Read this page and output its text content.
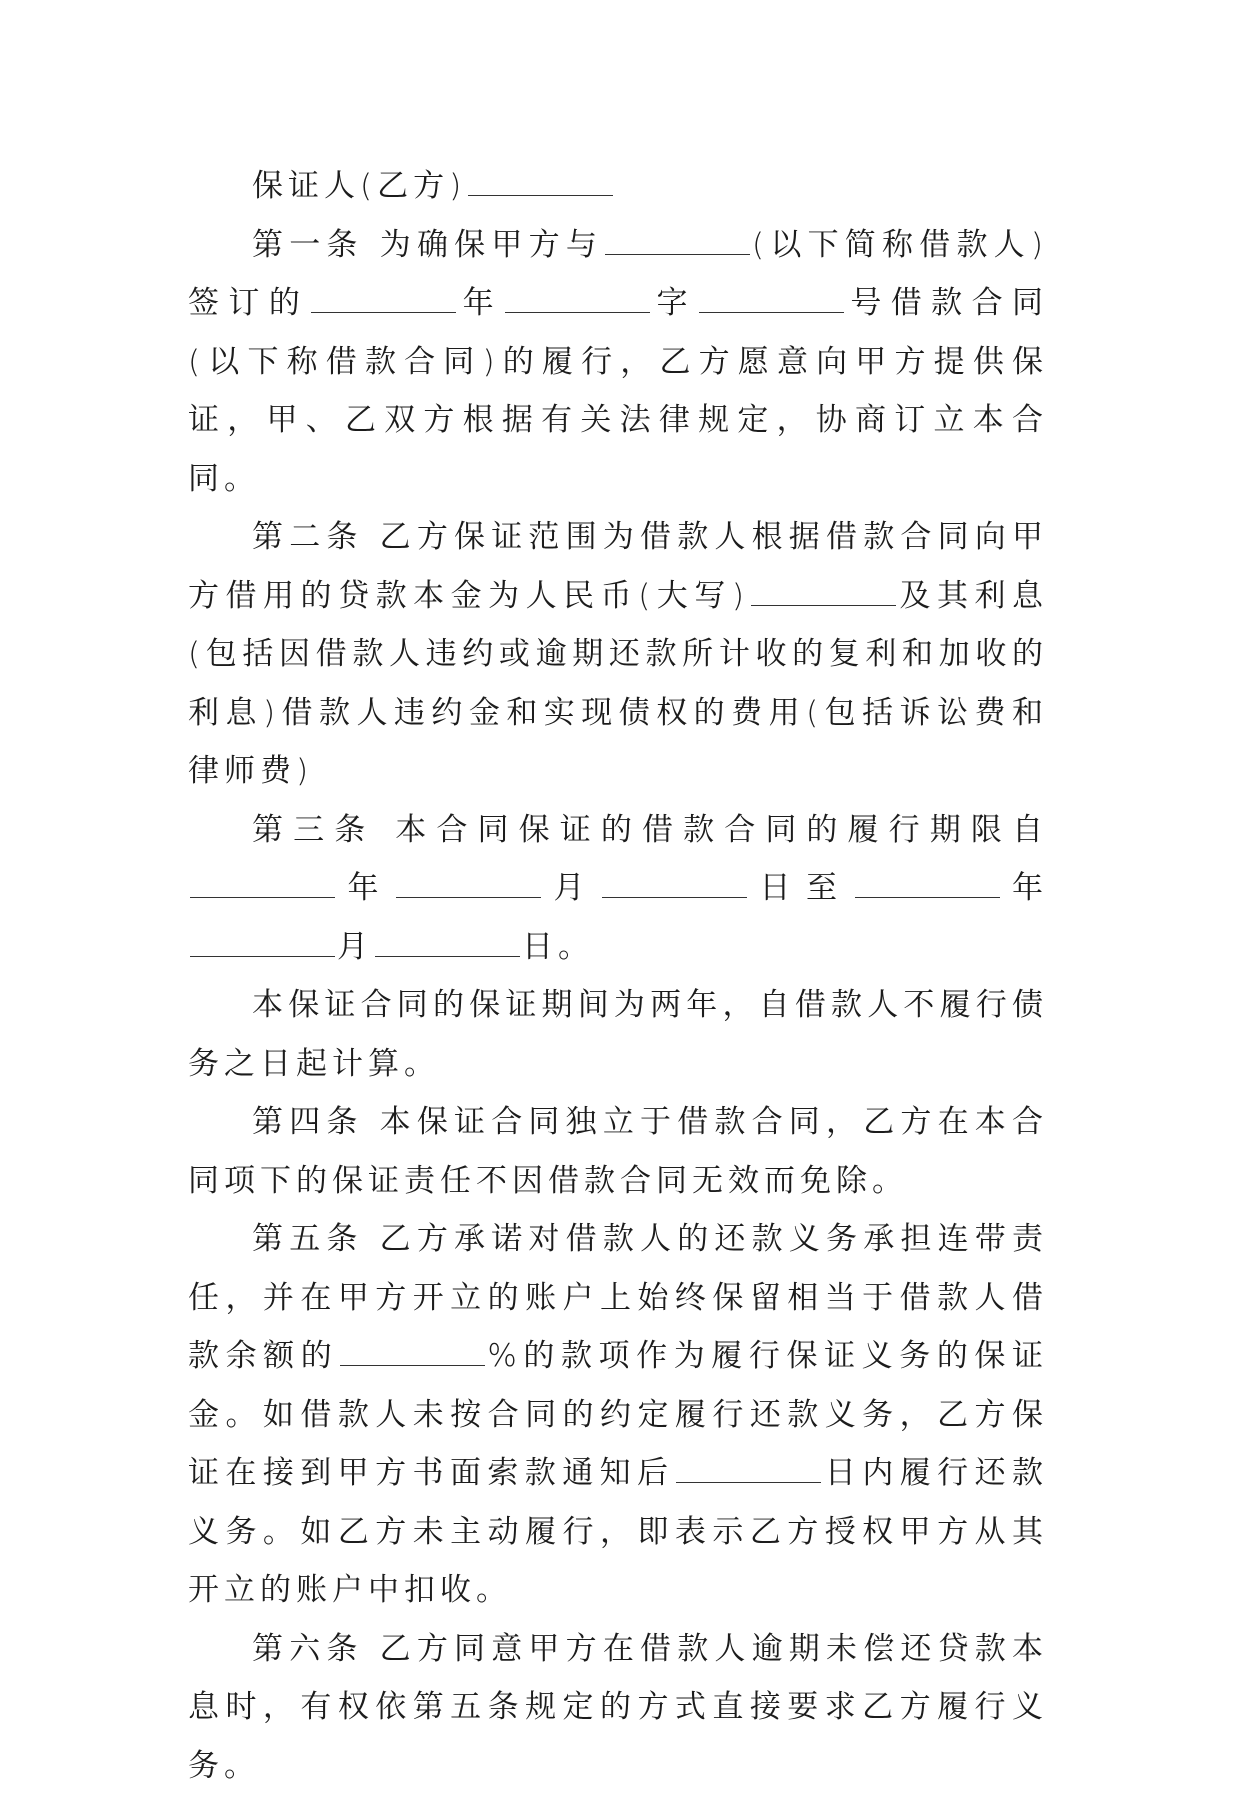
保证人(乙方)

第一条 为确保甲方与	(以下简称借款人)签订的	年	字	号借款合同(以下称借款合同)的履行，乙方愿意向甲方提供保证，甲、乙双方根据有关法律规定，协商订立本合同。

第二条 乙方保证范围为借款人根据借款合同向甲方借用的贷款本金为人民币(大写)	及其利息(包括因借款人违约或逾期还款所计收的复利和加收的利息)借款人违约金和实现债权的费用(包括诉讼费和律师费)

第三条 本合同保证的借款合同的履行期限自年	月	日至	年月	日。

本保证合同的保证期间为两年，自借款人不履行债务之日起计算。

第四条 本保证合同独立于借款合同，乙方在本合同项下的保证责任不因借款合同无效而免除。

第五条 乙方承诺对借款人的还款义务承担连带责任，并在甲方开立的账户上始终保留相当于借款人借款余额的	%的款项作为履行保证义务的保证金。如借款人未按合同的约定履行还款义务，乙方保证在接到甲方书面索款通知后	日内履行还款义务。如乙方未主动履行，即表示乙方授权甲方从其开立的账户中扣收。

第六条 乙方同意甲方在借款人逾期未偿还贷款本息时，有权依第五条规定的方式直接要求乙方履行义务。
